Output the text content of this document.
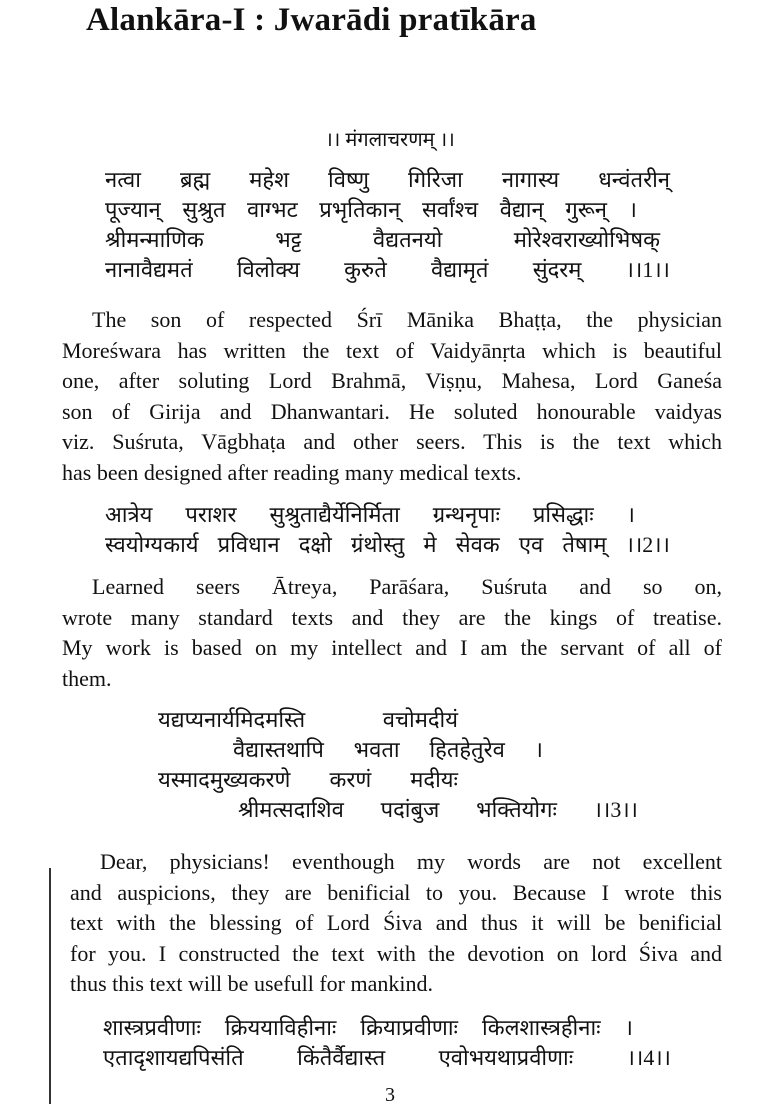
Alankāra-I : Jwarādi pratīkāra
।। मंगलाचरणम् ।।
नत्वा ब्रह्म महेश विष्णु गिरिजा नागास्य धन्वंतरीन्
पूज्यान् सुश्रुत वाग्भट प्रभृतिकान् सर्वांश्च वैद्यान् गुरून् ।
श्रीमन्माणिक भट्ट वैद्यतनयो मोरेश्वराख्योभिषक्
नानावैद्यमतं विलोक्य कुरुते वैद्यामृतं सुंदरम् ।।1।।
The son of respected Śrī Mānika Bhaṭṭa, the physician
Moreśwara has written the text of Vaidyānṛta which is beautiful
one, after soluting Lord Brahmā, Viṣṇu, Mahesa, Lord Ganeśa
son of Girija and Dhanwantari. He soluted honourable vaidyas
viz. Suśruta, Vāgbhaṭa and other seers. This is the text which
has been designed after reading many medical texts.
आत्रेय पराशर सुश्रुताद्यैर्येनिर्मिता ग्रन्थनृपाः प्रसिद्धाः ।
स्वयोग्यकार्य प्रविधान दक्षो ग्रंथोस्तु मे सेवक एव तेषाम् ।।2।।
Learned seers Ātreya, Parāśara, Suśruta and so on,
wrote many standard texts and they are the kings of treatise.
My work is based on my intellect and I am the servant of all of
them.
यद्यप्यनार्यमिदमस्ति वचोमदीयं
वैद्यास्तथापि भवता हितहेतुरेव ।
यस्मादमुख्यकरणे करणं मदीयः
श्रीमत्सदाशिव पदांबुज भक्तियोगः ।।3।।
Dear, physicians! eventhough my words are not excellent
and auspicions, they are benificial to you. Because I wrote this
text with the blessing of Lord Śiva and thus it will be benificial
for you. I constructed the text with the devotion on lord Śiva and
thus this text will be usefull for mankind.
शास्त्रप्रवीणाः क्रिययाविहीनाः क्रियाप्रवीणाः किलशास्त्रहीनाः ।
एतादृशायद्यपिसंति किंतैर्वैद्यास्त एवोभयथाप्रवीणाः ।।4।।
3
